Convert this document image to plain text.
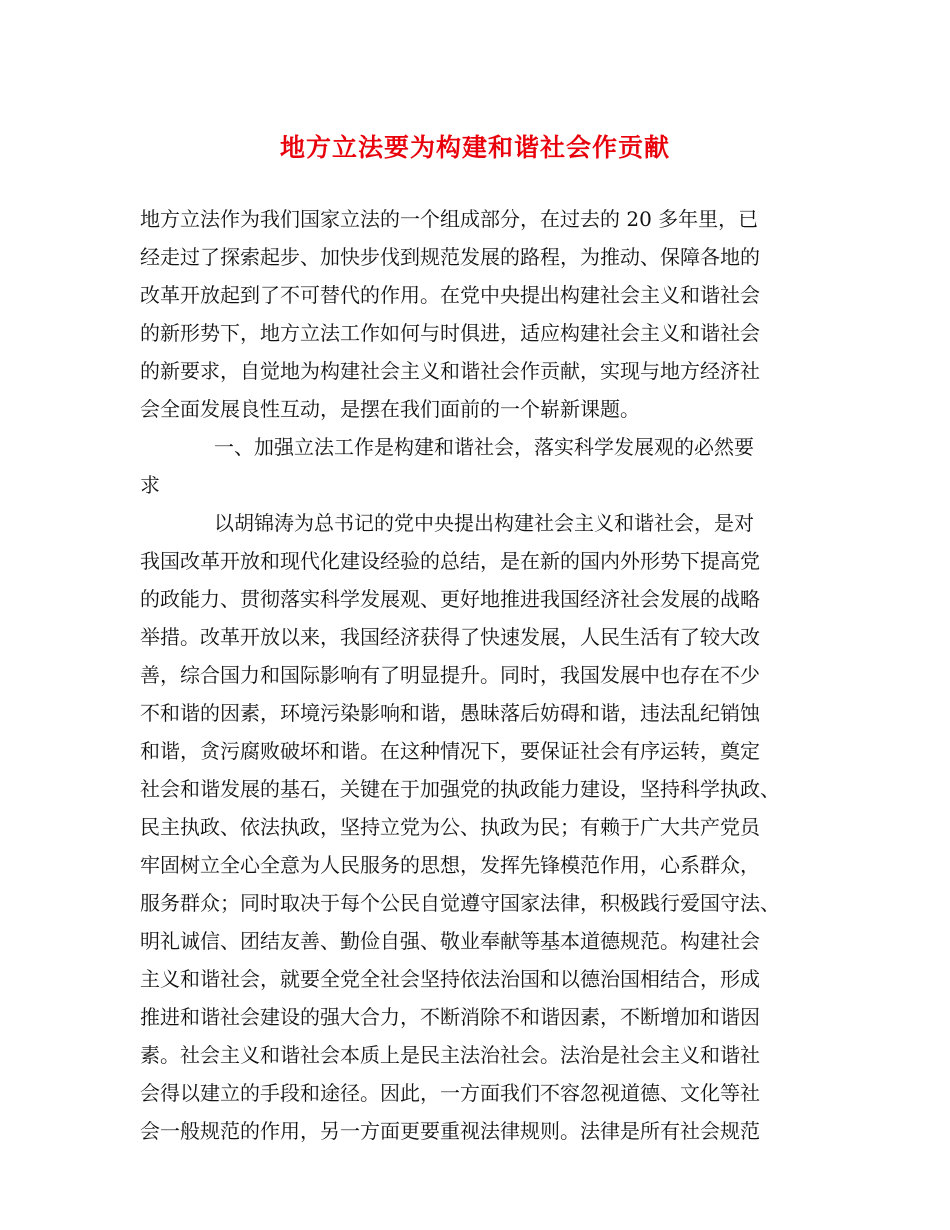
地方立法要为构建和谐社会作贡献
地方立法作为我们国家立法的一个组成部分，在过去的 20 多年里，已
经走过了探索起步、加快步伐到规范发展的路程，为推动、保障各地的
改革开放起到了不可替代的作用。在党中央提出构建社会主义和谐社会
的新形势下，地方立法工作如何与时俱进，适应构建社会主义和谐社会
的新要求，自觉地为构建社会主义和谐社会作贡献，实现与地方经济社
会全面发展良性互动，是摆在我们面前的一个崭新课题。
一、加强立法工作是构建和谐社会，落实科学发展观的必然要
求
以胡锦涛为总书记的党中央提出构建社会主义和谐社会，是对
我国改革开放和现代化建设经验的总结，是在新的国内外形势下提高党
的政能力、贯彻落实科学发展观、更好地推进我国经济社会发展的战略
举措。改革开放以来，我国经济获得了快速发展，人民生活有了较大改
善，综合国力和国际影响有了明显提升。同时，我国发展中也存在不少
不和谐的因素，环境污染影响和谐，愚昧落后妨碍和谐，违法乱纪销蚀
和谐，贪污腐败破坏和谐。在这种情况下，要保证社会有序运转，奠定
社会和谐发展的基石，关键在于加强党的执政能力建设，坚持科学执政、
民主执政、依法执政，坚持立党为公、执政为民；有赖于广大共产党员
牢固树立全心全意为人民服务的思想，发挥先锋模范作用，心系群众，
服务群众；同时取决于每个公民自觉遵守国家法律，积极践行爱国守法、
明礼诚信、团结友善、勤俭自强、敬业奉献等基本道德规范。构建社会
主义和谐社会，就要全党全社会坚持依法治国和以德治国相结合，形成
推进和谐社会建设的强大合力，不断消除不和谐因素，不断增加和谐因
素。社会主义和谐社会本质上是民主法治社会。法治是社会主义和谐社
会得以建立的手段和途径。因此，一方面我们不容忽视道德、文化等社
会一般规范的作用，另一方面更要重视法律规则。法律是所有社会规范
